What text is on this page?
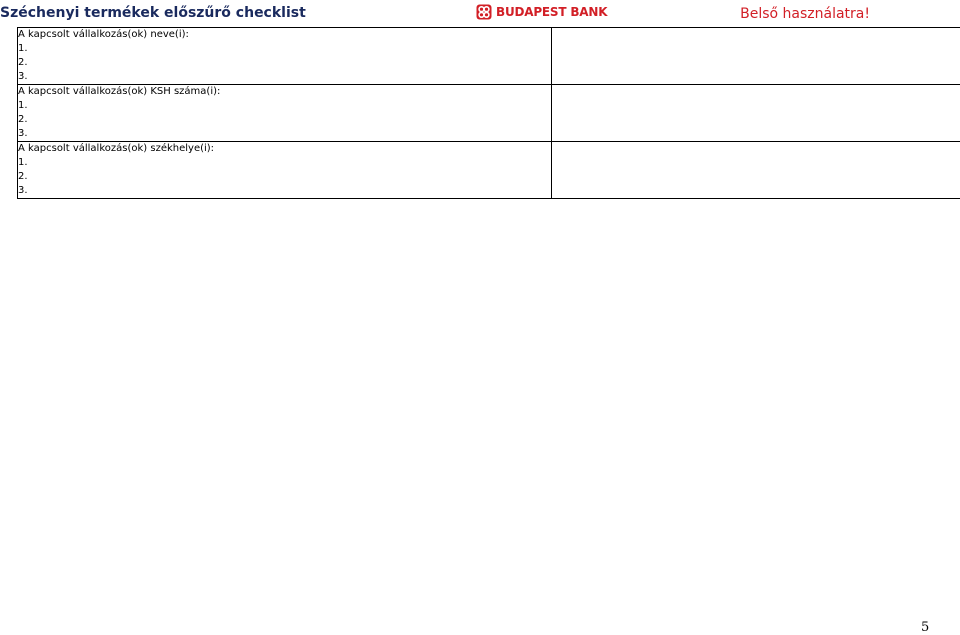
Széchenyi termékek előszűrő checklist	BUDAPEST BANK	Belső használatra!
A kapcsolt vállalkozás(ok) neve(i):
1.
2.
3.	

A kapcsolt vállalkozás(ok) KSH száma(i):
1.
2.
3.	

A kapcsolt vállalkozás(ok) székhelye(i):
1.
2.
3.	

5
